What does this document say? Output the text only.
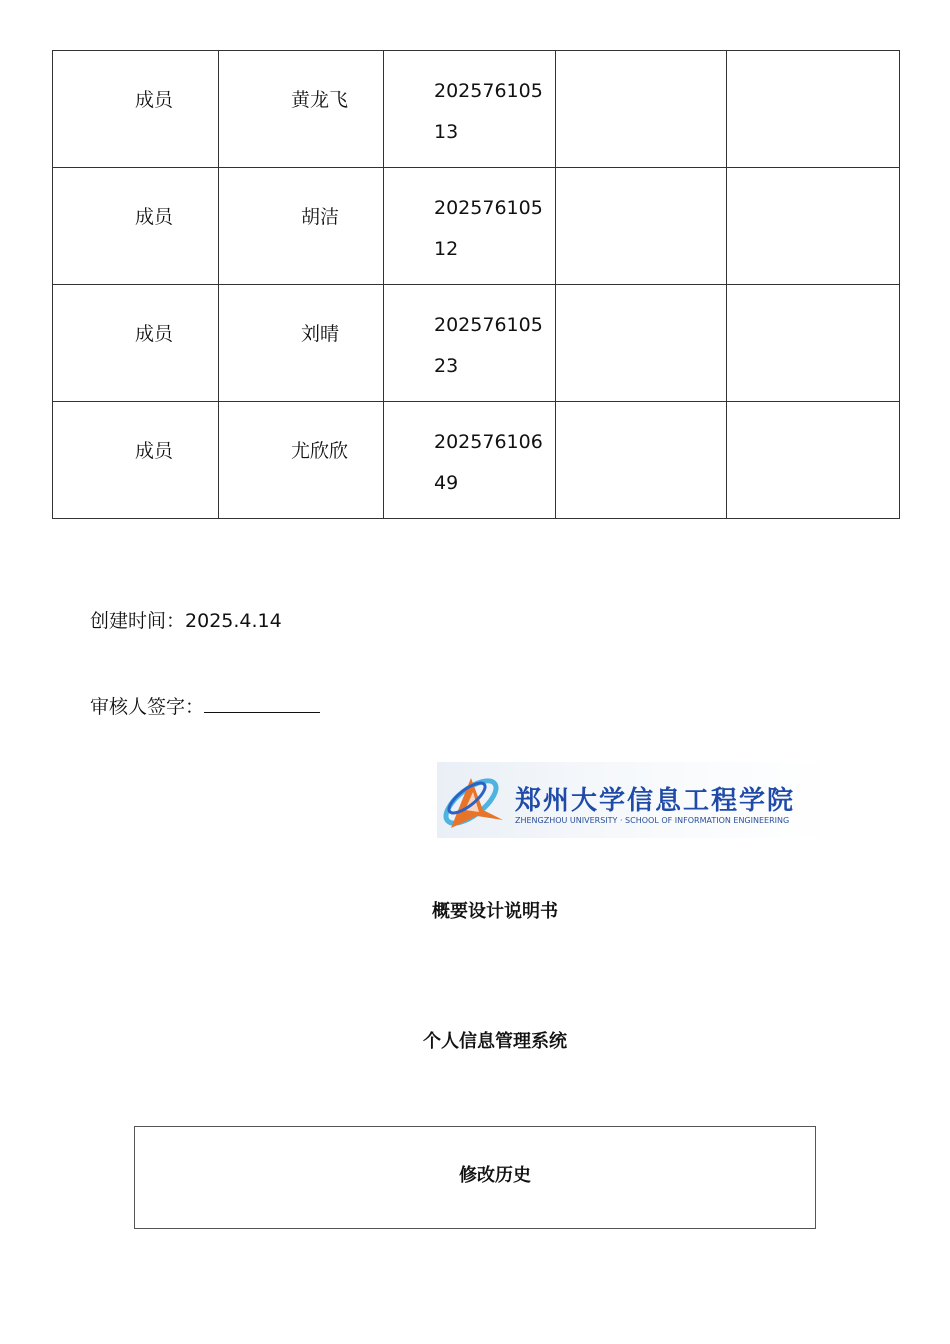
成员	黄龙飞	20257610513		

成员	胡洁	20257610512		

成员	刘晴	20257610523		

成员	尤欣欣	20257610649		

创建时间：2025.4.14
审核人签字：
郑州大学信息工程学院
ZHENGZHOU UNIVERSITY · SCHOOL OF INFORMATION ENGINEERING
概要设计说明书
个人信息管理系统
修改历史
